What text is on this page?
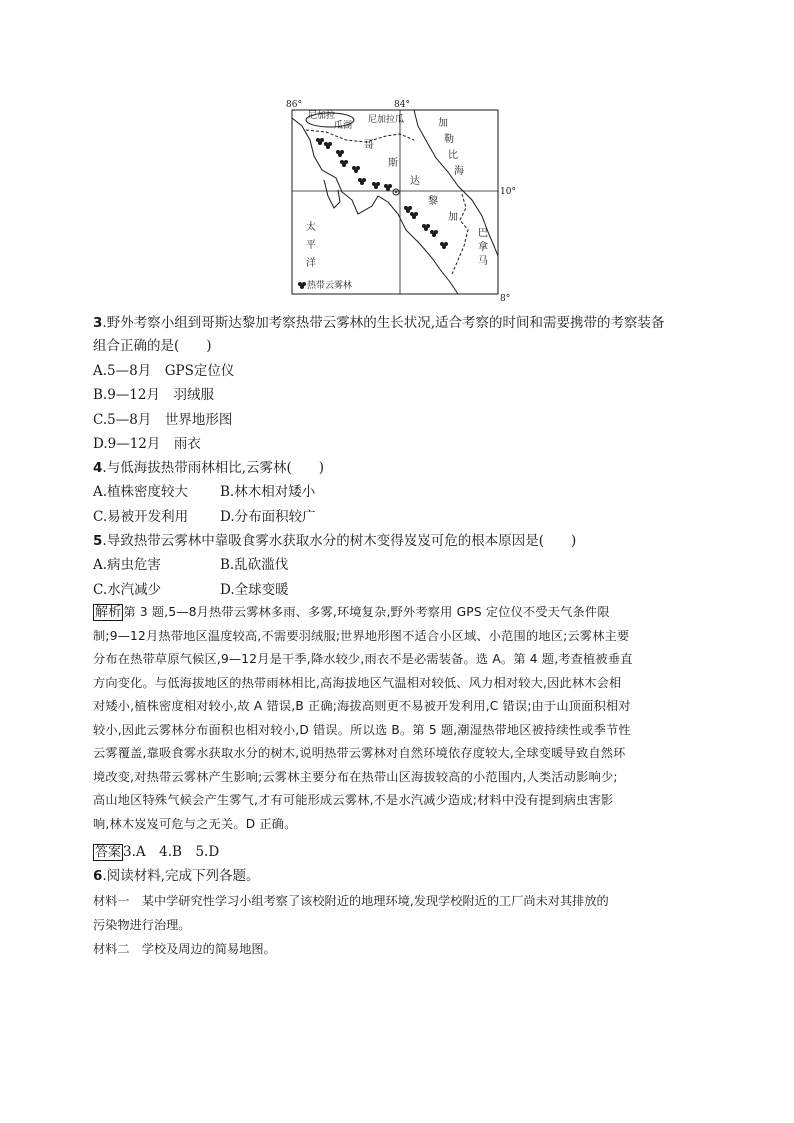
86°	84°
10°
8°
尼加拉
瓜湖
尼加拉瓜	加
勒
比
海
哥
斯
达
黎
加
太
平
洋
巴
拿
马
热带云雾林
3.野外考察小组到哥斯达黎加考察热带云雾林的生长状况,适合考察的时间和需要携带的考察装备
组合正确的是(　　)
A.5—8月　GPS定位仪
B.9—12月　羽绒服
C.5—8月　世界地形图
D.9—12月　雨衣
4.与低海拔热带雨林相比,云雾林(　　)
A.植株密度较大 B.林木相对矮小
C.易被开发利用 D.分布面积较广
5.导致热带云雾林中靠吸食雾水获取水分的树木变得岌岌可危的根本原因是(　　)
A.病虫危害	B.乱砍滥伐
C.水汽减少	D.全球变暖
解析 第 3 题,5—8月热带云雾林多雨、多雾,环境复杂,野外考察用 GPS 定位仪不受天气条件限
制;9—12月热带地区温度较高,不需要羽绒服;世界地形图不适合小区域、小范围的地区;云雾林主要
分布在热带草原气候区,9—12月是干季,降水较少,雨衣不是必需装备。选 A。第 4 题,考查植被垂直
方向变化。与低海拔地区的热带雨林相比,高海拔地区气温相对较低、风力相对较大,因此林木会相
对矮小,植株密度相对较小,故 A 错误,B 正确;海拔高则更不易被开发利用,C 错误;由于山顶面积相对
较小,因此云雾林分布面积也相对较小,D 错误。所以选 B。第 5 题,潮湿热带地区被持续性或季节性
云雾覆盖,靠吸食雾水获取水分的树木,说明热带云雾林对自然环境依存度较大,全球变暖导致自然环
境改变,对热带云雾林产生影响;云雾林主要分布在热带山区海拔较高的小范围内,人类活动影响少;
高山地区特殊气候会产生雾气,才有可能形成云雾林,不是水汽减少造成;材料中没有提到病虫害影
响,林木岌岌可危与之无关。D 正确。
答案 3.A　4.B　5.D
6.阅读材料,完成下列各题。
材料一　某中学研究性学习小组考察了该校附近的地理环境,发现学校附近的工厂尚未对其排放的
污染物进行治理。
材料二　学校及周边的简易地图。
